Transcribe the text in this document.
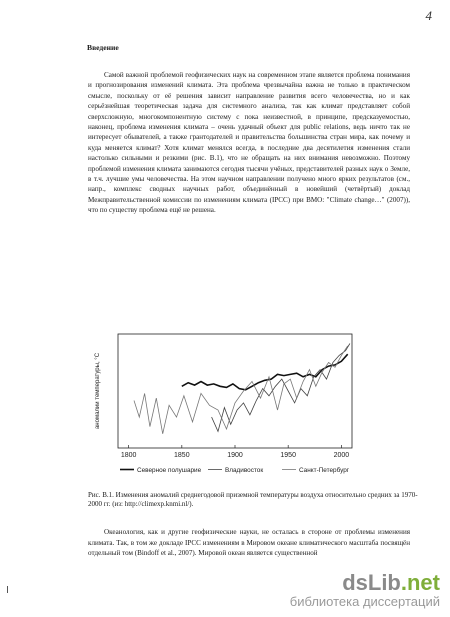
4
Введение

Самой важной проблемой геофизических наук на современном этапе является проблема понимания и прогнозирования изменений климата. Эта проблема чрезвычайна важна не только в практическом смысле, поскольку от её решения зависит направление развития всего человечества, но и как серьёзнейшая теоретическая задача для системного анализа, так как климат представляет собой сверхсложную, многокомпонентную систему с пока неизвестной, в принципе, предсказуемостью, наконец, проблема изменения климата – очень удачный объект для public relations, ведь ничто так не интересует обывателей, а также грантодателей и правительства большинства стран мира, как почему и куда меняется климат? Хотя климат менялся всегда, в последние два десятилетия изменения стали настолько сильными и резкими (рис. В.1), что не обращать на них внимания невозможно. Поэтому проблемой изменения климата занимаются сегодня тысячи учёных, представителей разных наук о Земле, в т.ч. лучшие умы человечества. На этом научном направлении получено много ярких результатов (см., напр., комплекс сводных научных работ, объединённый в новейший (четвёртый) доклад Межправительственной комиссии по изменениям климата (IPCC) при ВМО: "Climate change…" (2007)), что по существу проблема ещё не решена.

1800	1850	1900	1950	2000
аномалии температуры, °C
Северное полушарие	Владивосток	Санкт-Петербург
Рис. В.1. Изменения аномалий среднегодовой приземной температуры воздуха относительно средних за 1970-2000 гг. (из: http://climexp.knmi.nl/).

Океанология, как и другие геофизические науки, не осталась в стороне от проблемы изменения климата. Так, в том же докладе IPCC изменениям в Мировом океане климатического масштаба посвящён отдельный том (Bindoff et al., 2007). Мировой океан является существенной

dsLib.net
библиотека диссертаций
